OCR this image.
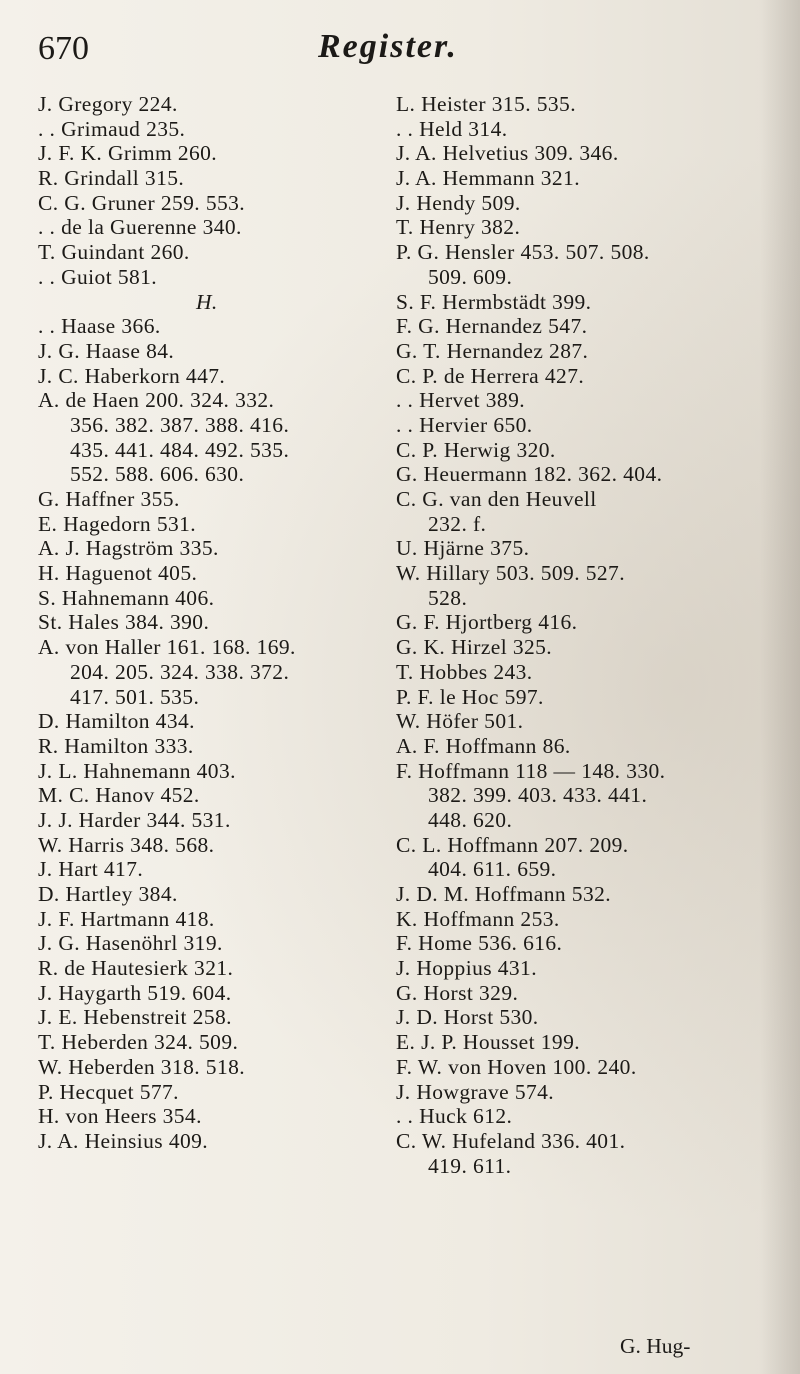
670	Register.
J. Gregory 224.
. . Grimaud 235.
J. F. K. Grimm 260.
R. Grindall 315.
C. G. Gruner 259. 553.
. . de la Guerenne 340.
T. Guindant 260.
. . Guiot 581.
H.
. . Haase 366.
J. G. Haase 84.
J. C. Haberkorn 447.
A. de Haen 200. 324. 332.
356. 382. 387. 388. 416.
435. 441. 484. 492. 535.
552. 588. 606. 630.
G. Haffner 355.
E. Hagedorn 531.
A. J. Hagström 335.
H. Haguenot 405.
S. Hahnemann 406.
St. Hales 384. 390.
A. von Haller 161. 168. 169.
204. 205. 324. 338. 372.
417. 501. 535.
D. Hamilton 434.
R. Hamilton 333.
J. L. Hahnemann 403.
M. C. Hanov 452.
J. J. Harder 344. 531.
W. Harris 348. 568.
J. Hart 417.
D. Hartley 384.
J. F. Hartmann 418.
J. G. Hasenöhrl 319.
R. de Hautesierk 321.
J. Haygarth 519. 604.
J. E. Hebenstreit 258.
T. Heberden 324. 509.
W. Heberden 318. 518.
P. Hecquet 577.
H. von Heers 354.
J. A. Heinsius 409.
L. Heister 315. 535.
. . Held 314.
J. A. Helvetius 309. 346.
J. A. Hemmann 321.
J. Hendy 509.
T. Henry 382.
P. G. Hensler 453. 507. 508.
509. 609.
S. F. Hermbstädt 399.
F. G. Hernandez 547.
G. T. Hernandez 287.
C. P. de Herrera 427.
. . Hervet 389.
. . Hervier 650.
C. P. Herwig 320.
G. Heuermann 182. 362. 404.
C. G. van den Heuvell
232. f.
U. Hjärne 375.
W. Hillary 503. 509. 527.
528.
G. F. Hjortberg 416.
G. K. Hirzel 325.
T. Hobbes 243.
P. F. le Hoc 597.
W. Höfer 501.
A. F. Hoffmann 86.
F. Hoffmann 118 — 148. 330.
382. 399. 403. 433. 441.
448. 620.
C. L. Hoffmann 207. 209.
404. 611. 659.
J. D. M. Hoffmann 532.
K. Hoffmann 253.
F. Home 536. 616.
J. Hoppius 431.
G. Horst 329.
J. D. Horst 530.
E. J. P. Housset 199.
F. W. von Hoven 100. 240.
J. Howgrave 574.
. . Huck 612.
C. W. Hufeland 336. 401.
419. 611.
G. Hug-
